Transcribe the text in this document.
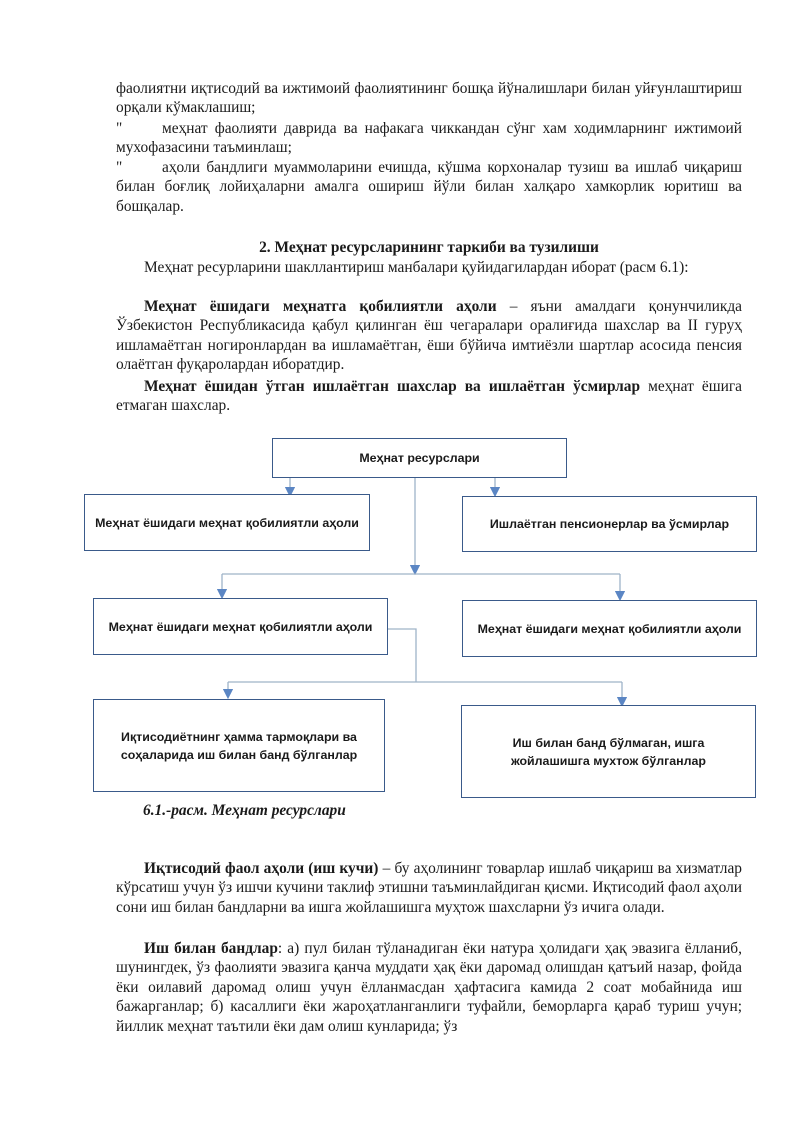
фаолиятни иқтисодий ва ижтимоий фаолиятининг бошқа йўналишлари билан уйғунлаштириш орқали кўмаклашиш;

"	меҳнат фаолияти даврида ва нафакага чиккандан сўнг хам ходимларнинг ижтимоий мухофазасини таъминлаш;
"	аҳоли бандлиги муаммоларини ечишда, кўшма корхоналар тузиш ва ишлаб чиқариш билан боғлиқ лойиҳаларни амалга ошириш йўли билан халқаро хамкорлик юритиш ва бошқалар.
2. Меҳнат ресурсларининг таркиби ва тузилиши

Меҳнат ресурларини шакллантириш манбалари қуйидагилардан иборат (расм 6.1):

Меҳнат ёшидаги меҳнатга қобилиятли аҳоли – яъни амалдаги қонунчиликда Ўзбекистон Республикасида қабул қилинган ёш чегаралари оралиғида шахслар ва II гуруҳ ишламаётган ногиронлардан ва ишламаётган, ёши бўйича имтиёзли шартлар асосида пенсия олаётган фуқаролардан иборатдир.

Меҳнат ёшидан ўтган ишлаётган шахслар ва ишлаётган ўсмирлар меҳнат ёшига етмаган шахслар.

Меҳнат ресурслари
Меҳнат ёшидаги меҳнат қобилиятли аҳоли	Ишлаётган пенсионерлар ва ўсмирлар
Меҳнат ёшидаги меҳнат қобилиятли аҳоли	Меҳнат ёшидаги меҳнат қобилиятли аҳоли
Иқтисодиётнинг ҳамма тармоқлари ва соҳаларида иш билан банд бўлганлар
Иш билан банд бўлмаган, ишга жойлашишга мухтож бўлганлар

6.1.-расм. Меҳнат ресурслари

Иқтисодий фаол аҳоли (иш кучи) – бу аҳолининг товарлар ишлаб чиқариш ва хизматлар кўрсатиш учун ўз ишчи кучини таклиф этишни таъминлайдиган қисми. Иқтисодий фаол аҳоли сони иш билан бандларни ва ишга жойлашишга муҳтож шахсларни ўз ичига олади.

Иш билан бандлар: а) пул билан тўланадиган ёки натура ҳолидаги ҳақ эвазига ёлланиб, шунингдек, ўз фаолияти эвазига қанча муддати ҳақ ёки даромад олишдан қатъий назар, фойда ёки оилавий даромад олиш учун ёлланмасдан ҳафтасига камида 2 соат мобайнида иш бажарганлар; б) касаллиги ёки жароҳатланганлиги туфайли, беморларга қараб туриш учун; йиллик меҳнат таътили ёки дам олиш кунларида; ўз
